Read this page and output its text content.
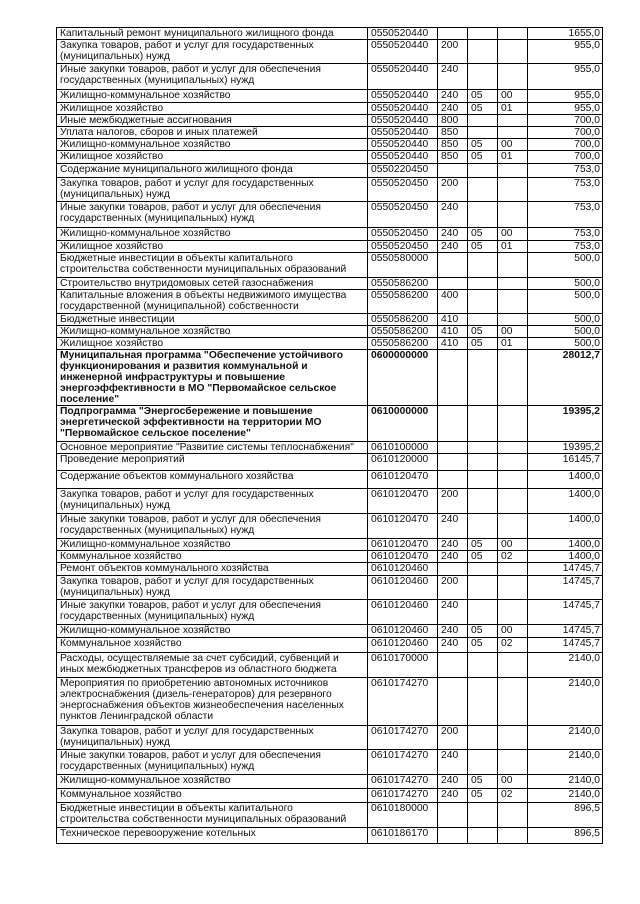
Капитальный ремонт муниципального жилищного фонда	0550520440				1655,0
Закупка товаров, работ и услуг для государственных (муниципальных) нужд	0550520440	200			955,0
Иные закупки товаров, работ и услуг для обеспечения государственных (муниципальных) нужд	0550520440	240			955,0
Жилищно-коммунальное хозяйство	0550520440	240	05	00	955,0
Жилищное хозяйство	0550520440	240	05	01	955,0
Иные межбюджетные ассигнования	0550520440	800			700,0
Уплата налогов, сборов и иных платежей	0550520440	850			700,0
Жилищно-коммунальное хозяйство	0550520440	850	05	00	700,0
Жилищное хозяйство	0550520440	850	05	01	700,0
Содержание муниципального жилищного фонда	0550220450				753,0
Закупка товаров, работ и услуг для государственных (муниципальных) нужд	0550520450	200			753,0
Иные закупки товаров, работ и услуг для обеспечения государственных (муниципальных) нужд	0550520450	240			753,0
Жилищно-коммунальное хозяйство	0550520450	240	05	00	753,0
Жилищное хозяйство	0550520450	240	05	01	753,0
Бюджетные инвестиции в объекты капитального строительства собственности муниципальных образований	0550580000				500,0
Строительство внутридомовых сетей газоснабжения	0550586200				500,0
Капитальные вложения в объекты недвижимого имущества государственной (муниципальной) собственности	0550586200	400			500,0
Бюджетные инвестиции	0550586200	410			500,0
Жилищно-коммунальное хозяйство	0550586200	410	05	00	500,0
Жилищное хозяйство	0550586200	410	05	01	500,0
Муниципальная программа "Обеспечение устойчивого функционирования и развития коммунальной и инженерной инфраструктуры и повышение энергоэффективности в МО "Первомайское сельское поселение"	0600000000				28012,7
Подпрограмма "Энергосбережение и повышение энергетической эффективности на территории МО "Первомайское сельское поселение"	0610000000				19395,2
Основное мероприятие "Развитие системы теплоснабжения"	0610100000				19395,2
Проведение мероприятий	0610120000				16145,7
Содержание объектов коммунального хозяйства	0610120470				1400,0
Закупка товаров, работ и услуг для государственных (муниципальных) нужд	0610120470	200			1400,0
Иные закупки товаров, работ и услуг для обеспечения государственных (муниципальных) нужд	0610120470	240			1400,0
Жилищно-коммунальное хозяйство	0610120470	240	05	00	1400,0
Коммунальное хозяйство	0610120470	240	05	02	1400,0
Ремонт объектов коммунального хозяйства	0610120460				14745,7
Закупка товаров, работ и услуг для государственных (муниципальных) нужд	0610120460	200			14745,7
Иные закупки товаров, работ и услуг для обеспечения государственных (муниципальных) нужд	0610120460	240			14745,7
Жилищно-коммунальное хозяйство	0610120460	240	05	00	14745,7
Коммунальное хозяйство	0610120460	240	05	02	14745,7
Расходы, осуществляемые за счет субсидий, субвенций и иных межбюджетных трансферов из областного бюджета	0610170000				2140,0
Мероприятия по приобретению автономных источников электроснабжения (дизель-генераторов) для резервного энергоснабжения объектов жизнеобеспечения населенных пунктов Ленинградской области	0610174270				2140,0
Закупка товаров, работ и услуг для государственных (муниципальных) нужд	0610174270	200			2140,0
Иные закупки товаров, работ и услуг для обеспечения государственных (муниципальных) нужд	0610174270	240			2140,0
Жилищно-коммунальное хозяйство	0610174270	240	05	00	2140,0
Коммунальное хозяйство	0610174270	240	05	02	2140,0
Бюджетные инвестиции в объекты капитального строительства собственности муниципальных образований	0610180000				896,5
Техническое перевооружение котельных	0610186170				896,5
